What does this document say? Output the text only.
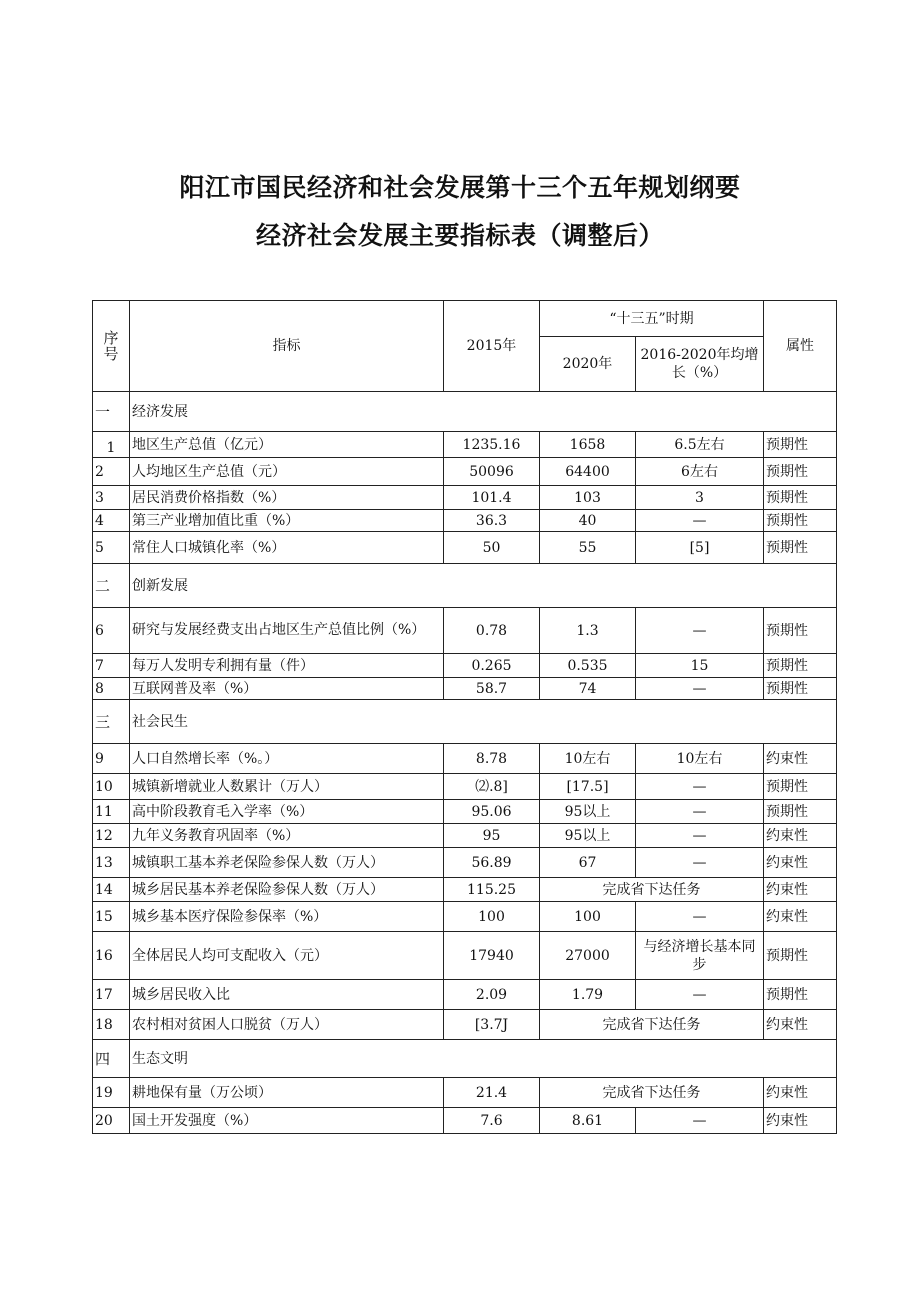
阳江市国民经济和社会发展第十三个五年规划纲要
经济社会发展主要指标表（调整后）
序号	指标	2015年	“十三五”时期		属性
			2020年	2016-2020年均增长（%）	
一	经济发展				
1	地区生产总值（亿元）	1235.16	1658	6.5左右	预期性
2	人均地区生产总值（元）	50096	64400	6左右	预期性
3	居民消费价格指数（%）	101.4	103	3	预期性
4	第三产业增加值比重（%）	36.3	40	—	预期性
5	常住人口城镇化率（%）	50	55	[5]	预期性
二	创新发展				
6	研究与发展经费支出占地区生产总值比例（%）	0.78	1.3	—	预期性
7	每万人发明专利拥有量（件）	0.265	0.535	15	预期性
8	互联网普及率（%）	58.7	74	—	预期性
三	社会民生				
9	人口自然增长率（%。）	8.78	10左右	10左右	约束性
10	城镇新增就业人数累计（万人）	⑵.8]	[17.5]	—	预期性
11	高中阶段教育毛入学率（%）	95.06	95以上	—	预期性
12	九年义务教育巩固率（%）	95	95以上	—	约束性
13	城镇职工基本养老保险参保人数（万人）	56.89	67	—	约束性
14	城乡居民基本养老保险参保人数（万人）	115.25	完成省下达任务		约束性
15	城乡基本医疗保险参保率（%）	100	100	—	约束性
16	全体居民人均可支配收入（元）	17940	27000	与经济增长基本同步	预期性
17	城乡居民收入比	2.09	1.79	—	预期性
18	农村相对贫困人口脱贫（万人）	[3.7J	完成省下达任务		约束性
四	生态文明				
19	耕地保有量（万公顷）	21.4	完成省下达任务		约束性
20	国土开发强度（%）	7.6	8.61	—	约束性
